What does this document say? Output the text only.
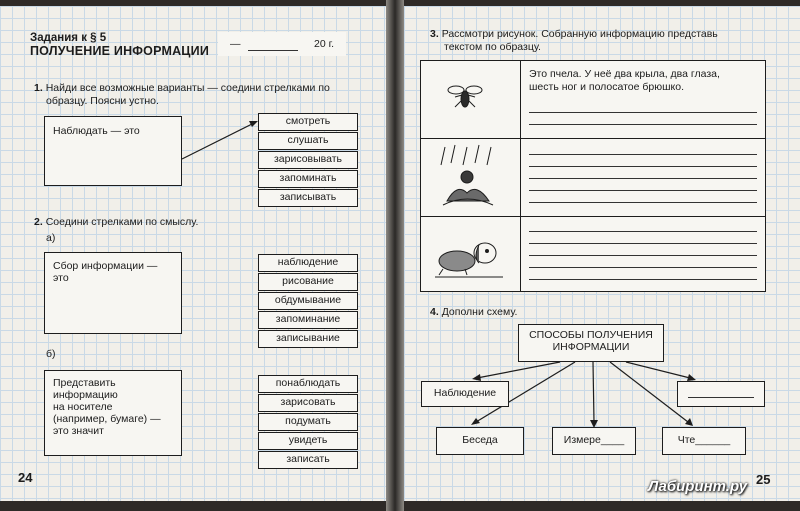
Задания к § 5
ПОЛУЧЕНИЕ ИНФОРМАЦИИ —	20 г.
1. Найди все возможные варианты — соедини стрелками по
образцу. Поясни устно.
Наблюдать — это
смотреть
слушать
зарисовывать
запоминать
записывать
2. Соедини стрелками по смыслу.
а)
Сбор информации —
это
наблюдение
рисование
обдумывание
запоминание
записывание
б)
Представить
информацию
на носителе
(например, бумаге) —
это значит
понаблюдать
зарисовать
подумать
увидеть
записать
24
3. Рассмотри рисунок. Собранную информацию представь
текстом по образцу.
Это пчела. У неё два крыла, два глаза,
шесть ног и полосатое брюшко.
4. Дополни схему.
СПОСОБЫ ПОЛУЧЕНИЯ
ИНФОРМАЦИИ
Наблюдение
Беседа	Измере____	Чте______
25
Лабиринт.ру
